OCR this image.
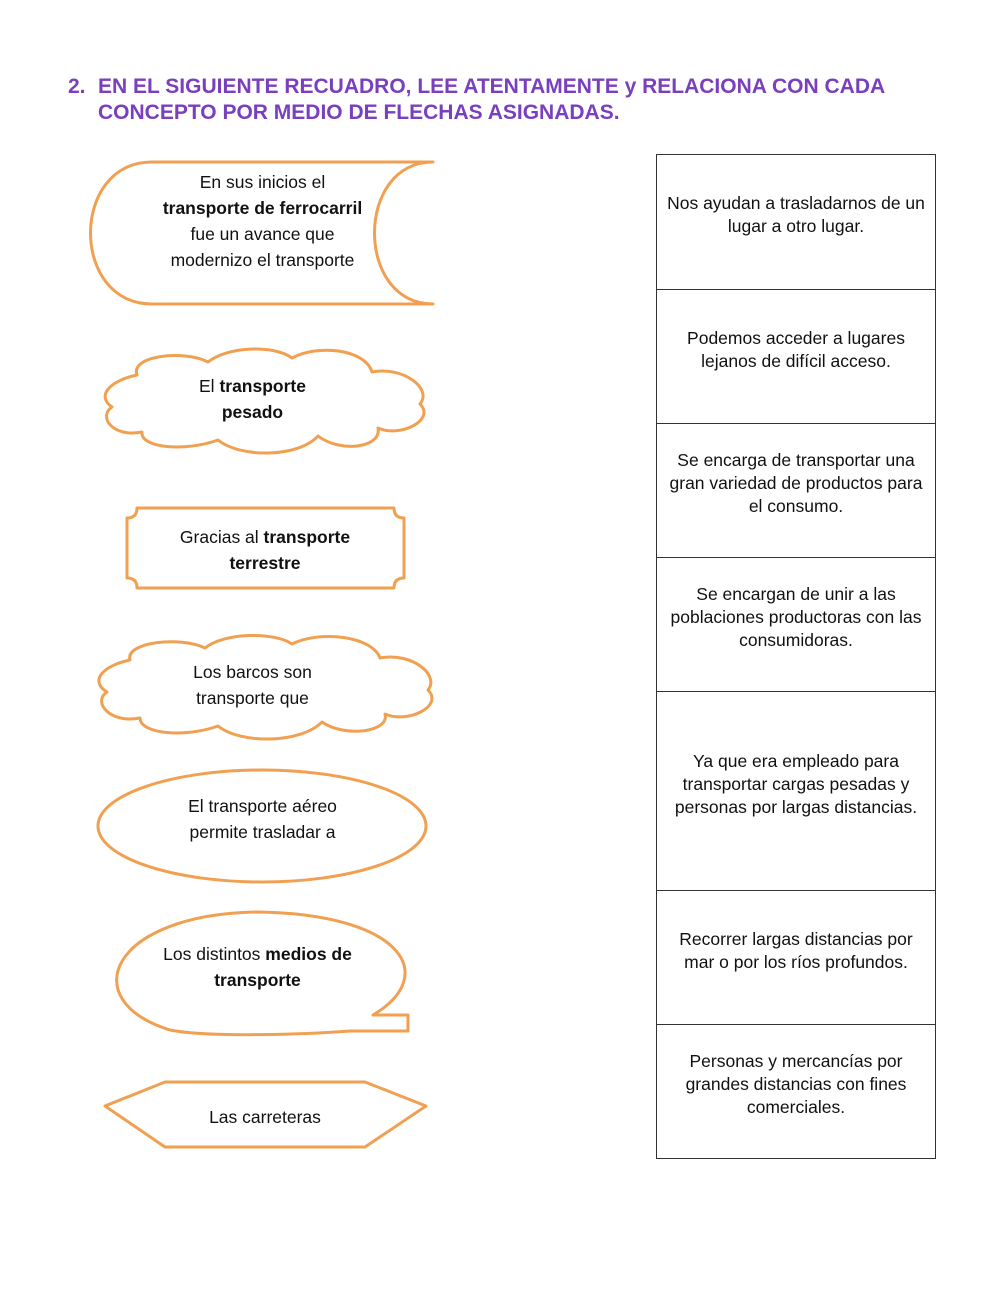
2. EN EL SIGUIENTE RECUADRO, LEE ATENTAMENTE y RELACIONA CON CADA CONCEPTO POR MEDIO DE FLECHAS ASIGNADAS.
En sus inicios el transporte de ferrocarril fue un avance que modernizo el transporte
El transporte pesado
Gracias al transporte terrestre
Los barcos son transporte que
El transporte aéreo permite trasladar a
Los distintos medios de transporte
Las carreteras
Nos ayudan a trasladarnos de un lugar a otro lugar.
Podemos acceder a lugares lejanos de difícil acceso.
Se encarga de transportar una gran variedad de productos para el consumo.
Se encargan de unir a las poblaciones productoras con las consumidoras.
Ya que era empleado para transportar cargas pesadas y personas por largas distancias.
Recorrer largas distancias por mar o por los ríos profundos.
Personas y mercancías por grandes distancias con fines comerciales.
